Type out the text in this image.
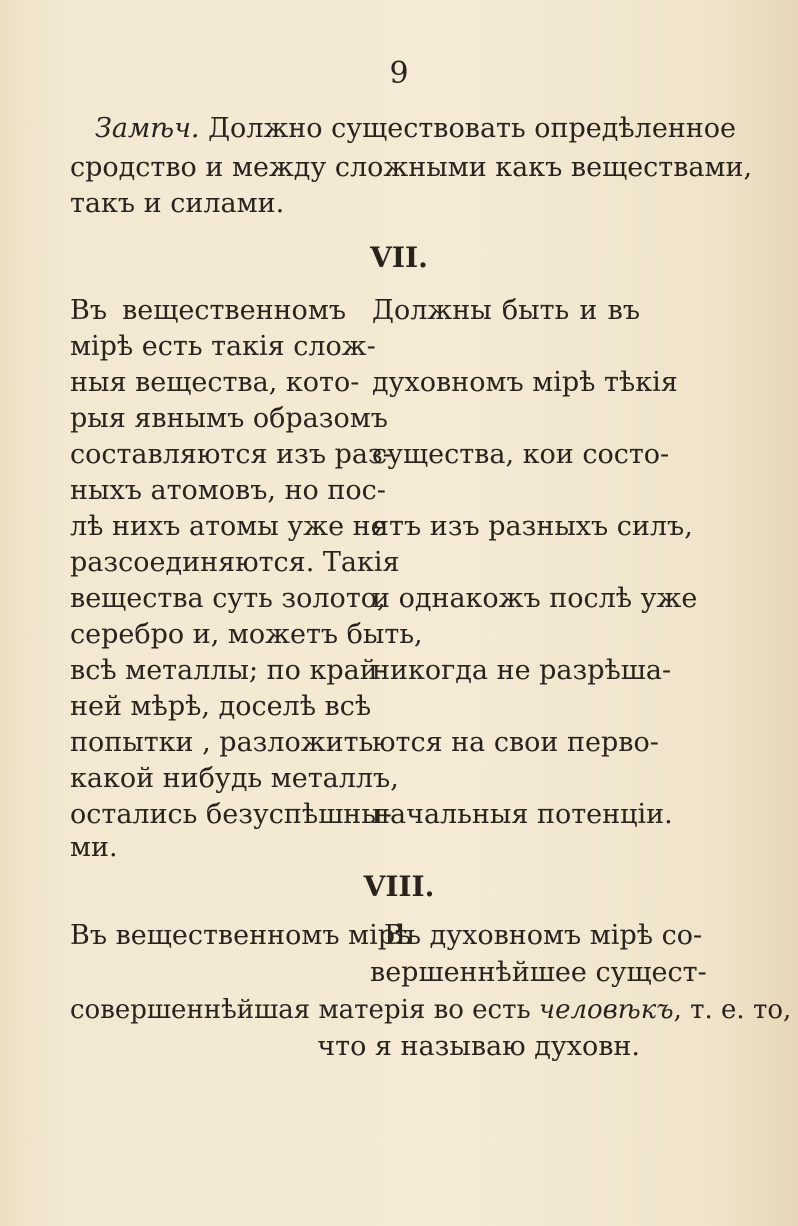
9
Замѣч. Должно существовать опредѣленное
сродство и между сложными какъ веществами,
такъ и силами.
VII.
Въ вещественномъ
мірѣ есть такія слож-
ныя вещества, кото-
рыя явнымъ образомъ
составляются изъ раз-
ныхъ атомовъ, но пос-
лѣ нихъ атомы уже не
разсоединяются. Такія
вещества суть золото,
серебро и, можетъ быть,
всѣ металлы; по край-
ней мѣрѣ, доселѣ всѣ
попытки , разложить
какой нибудь металлъ,
остались безуспѣшны-
ми.
Должны быть и въ
духовномъ мірѣ тѣкія
существа, кои состо-
ятъ изъ разныхъ силъ,
и однакожъ послѣ уже
никогда не разрѣша-
ются на свои перво-
начальныя потенціи.
VIII.
Въ вещественномъ мірѣ
Въ духовномъ мірѣ со-
вершеннѣйшее сущест-
совершеннѣйшая матерія во есть человѣкъ, т. е. то,
что я называю духовн.
